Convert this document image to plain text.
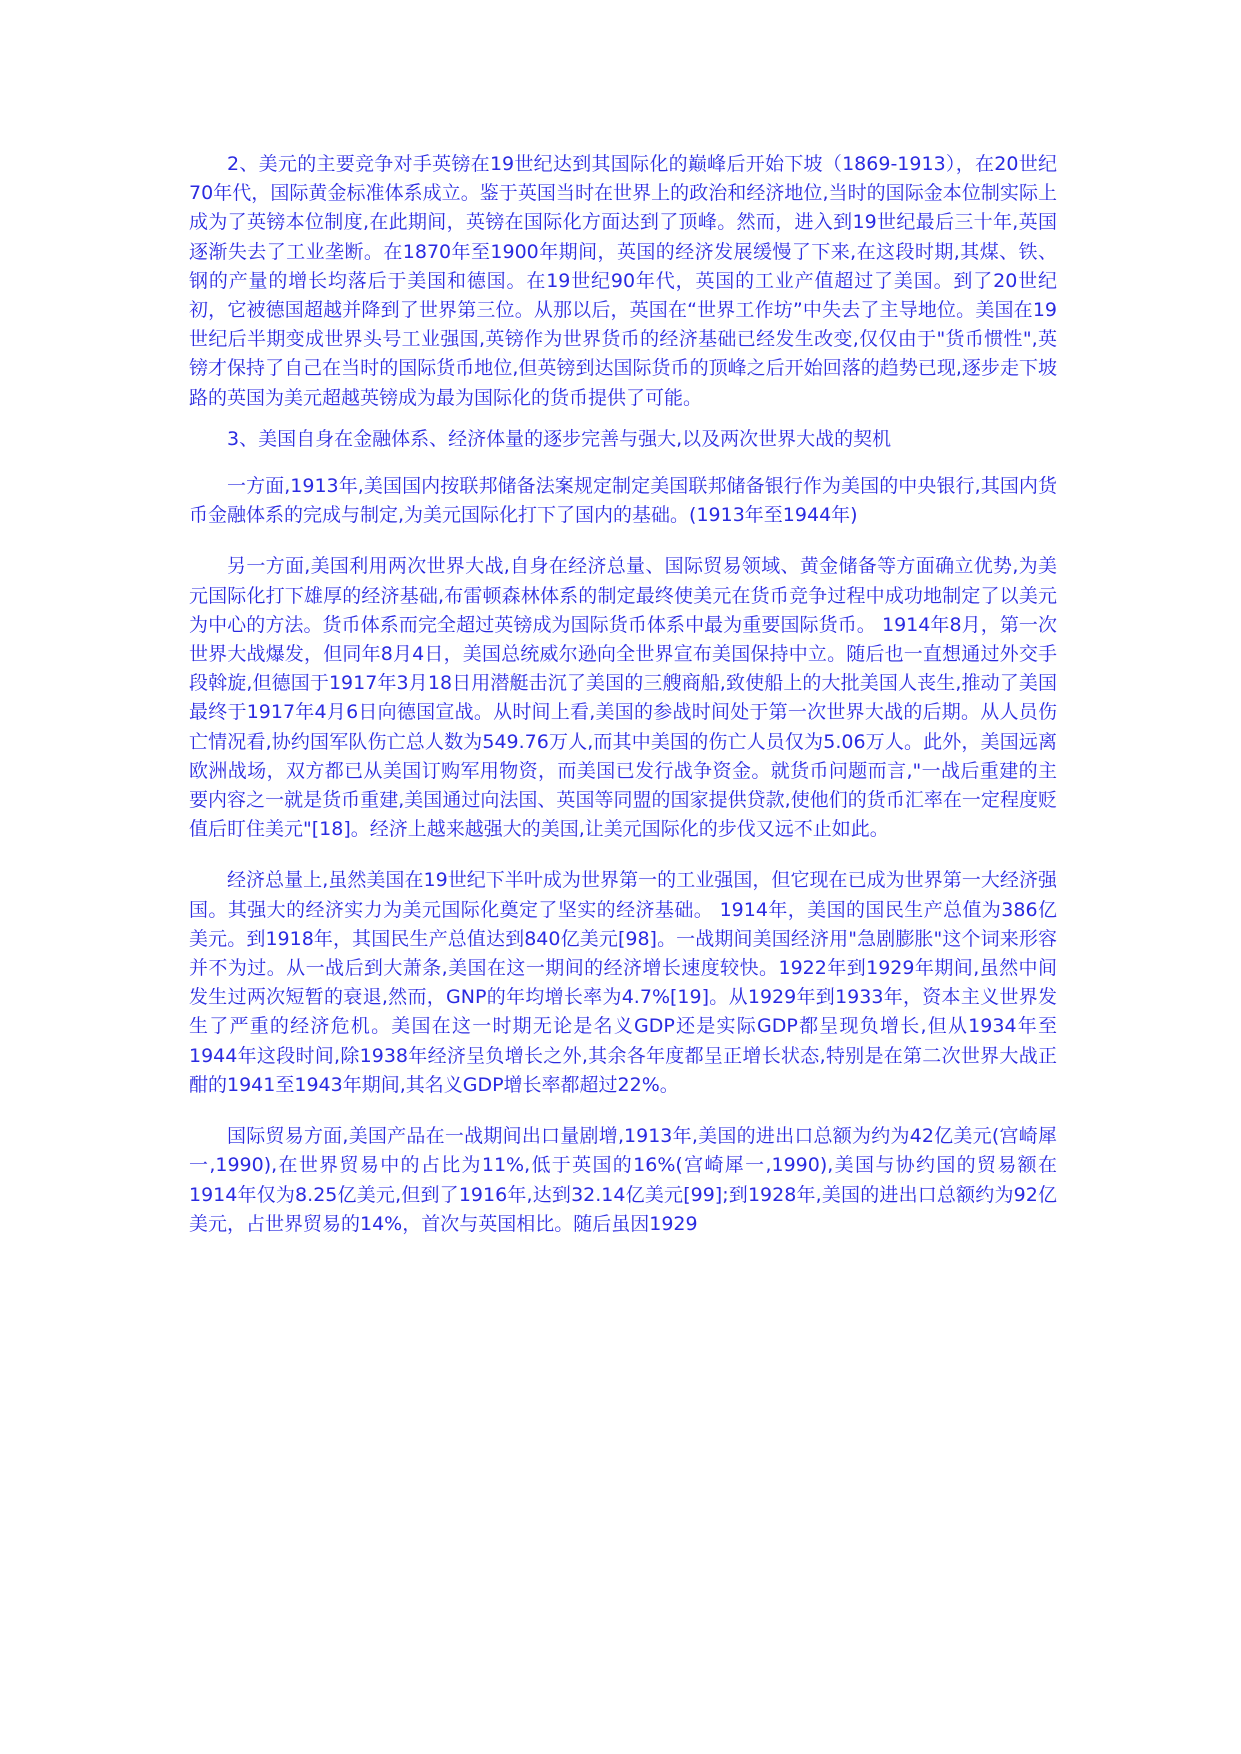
2、美元的主要竞争对手英镑在19世纪达到其国际化的巅峰后开始下坡（1869-1913），在20世纪70年代，国际黄金标准体系成立。鉴于英国当时在世界上的政治和经济地位,当时的国际金本位制实际上成为了英镑本位制度,在此期间，英镑在国际化方面达到了顶峰。然而，进入到19世纪最后三十年,英国逐渐失去了工业垄断。在1870年至1900年期间，英国的经济发展缓慢了下来,在这段时期,其煤、铁、钢的产量的增长均落后于美国和德国。在19世纪90年代，英国的工业产值超过了美国。到了20世纪初，它被德国超越并降到了世界第三位。从那以后，英国在“世界工作坊”中失去了主导地位。美国在19世纪后半期变成世界头号工业强国,英镑作为世界货币的经济基础已经发生改变,仅仅由于"货币惯性",英镑才保持了自己在当时的国际货币地位,但英镑到达国际货币的顶峰之后开始回落的趋势已现,逐步走下坡路的英国为美元超越英镑成为最为国际化的货币提供了可能。

3、美国自身在金融体系、经济体量的逐步完善与强大,以及两次世界大战的契机

一方面,1913年,美国国内按联邦储备法案规定制定美国联邦储备银行作为美国的中央银行,其国内货币金融体系的完成与制定,为美元国际化打下了国内的基础。(1913年至1944年)

另一方面,美国利用两次世界大战,自身在经济总量、国际贸易领域、黄金储备等方面确立优势,为美元国际化打下雄厚的经济基础,布雷顿森林体系的制定最终使美元在货币竞争过程中成功地制定了以美元为中心的方法。货币体系而完全超过英镑成为国际货币体系中最为重要国际货币。 1914年8月，第一次世界大战爆发，但同年8月4日，美国总统威尔逊向全世界宣布美国保持中立。随后也一直想通过外交手段斡旋,但德国于1917年3月18日用潜艇击沉了美国的三艘商船,致使船上的大批美国人丧生,推动了美国最终于1917年4月6日向德国宣战。从时间上看,美国的参战时间处于第一次世界大战的后期。从人员伤亡情况看,协约国军队伤亡总人数为549.76万人,而其中美国的伤亡人员仅为5.06万人。此外，美国远离欧洲战场，双方都已从美国订购军用物资，而美国已发行战争资金。就货币问题而言,"一战后重建的主要内容之一就是货币重建,美国通过向法国、英国等同盟的国家提供贷款,使他们的货币汇率在一定程度贬值后盯住美元"[18]。经济上越来越强大的美国,让美元国际化的步伐又远不止如此。

经济总量上,虽然美国在19世纪下半叶成为世界第一的工业强国，但它现在已成为世界第一大经济强国。其强大的经济实力为美元国际化奠定了坚实的经济基础。 1914年，美国的国民生产总值为386亿美元。到1918年，其国民生产总值达到840亿美元[98]。一战期间美国经济用"急剧膨胀"这个词来形容并不为过。从一战后到大萧条,美国在这一期间的经济增长速度较快。1922年到1929年期间,虽然中间发生过两次短暂的衰退,然而，GNP的年均增长率为4.7%[19]。从1929年到1933年，资本主义世界发生了严重的经济危机。美国在这一时期无论是名义GDP还是实际GDP都呈现负增长,但从1934年至1944年这段时间,除1938年经济呈负增长之外,其余各年度都呈正增长状态,特别是在第二次世界大战正酣的1941至1943年期间,其名义GDP增长率都超过22%。

国际贸易方面,美国产品在一战期间出口量剧增,1913年,美国的进出口总额为约为42亿美元(宫崎犀一,1990),在世界贸易中的占比为11%,低于英国的16%(宫崎犀一,1990),美国与协约国的贸易额在1914年仅为8.25亿美元,但到了1916年,达到32.14亿美元[99];到1928年,美国的进出口总额约为92亿美元，占世界贸易的14%，首次与英国相比。随后虽因1929
